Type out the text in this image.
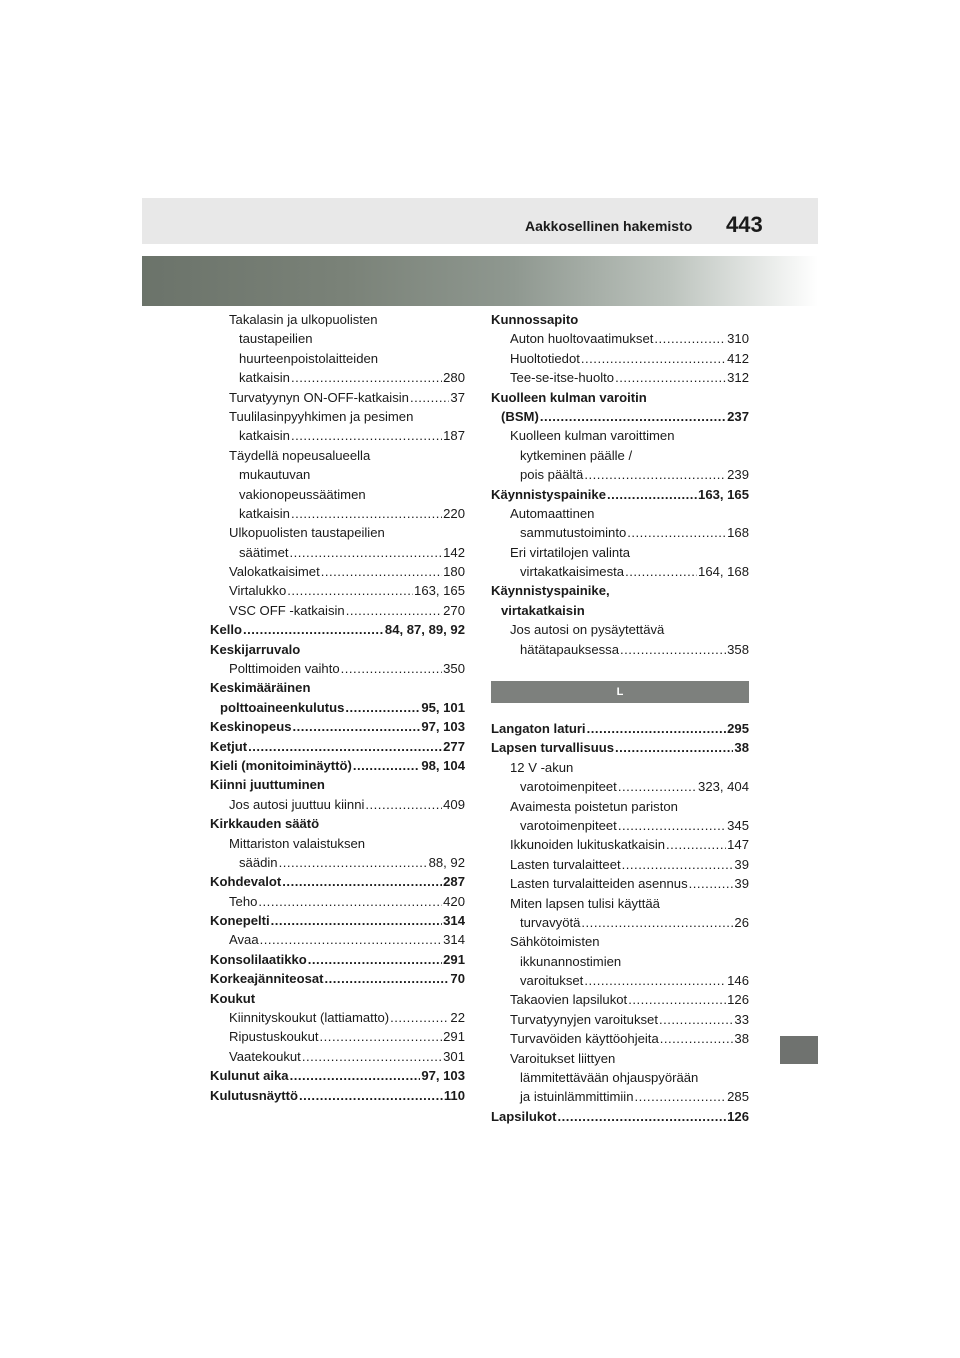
Aakkosellinen hakemisto 443
Takalasin ja ulkopuolisten
taustapeilien
huurteenpoistolaitteiden
katkaisin .....	280
Turvatyynyn ON-OFF-katkaisin .....	37
Tuulilasinpyyhkimen ja pesimen
katkaisin .....	187
Täydellä nopeusalueella
mukautuvan
vakionopeussäätimen
katkaisin .....	220
Ulkopuolisten taustapeilien
säätimet .....	142
Valokatkaisimet .....	180
Virtalukko .....	163, 165
VSC OFF -katkaisin .....	270
Kello .....	84, 87, 89, 92
Keskijarruvalo
Polttimoiden vaihto .....	350
Keskimääräinen
polttoaineenkulutus .....	95, 101
Keskinopeus .....	97, 103
Ketjut .....	277
Kieli (monitoiminäyttö) .....	98, 104
Kiinni juuttuminen
Jos autosi juuttuu kiinni .....	409
Kirkkauden säätö
Mittariston valaistuksen
säädin .....	88, 92
Kohdevalot .....	287
Teho .....	420
Konepelti .....	314
Avaa .....	314
Konsolilaatikko .....	291
Korkeajänniteosat .....	70
Koukut
Kiinnityskoukut (lattiamatto) .....	22
Ripustuskoukut .....	291
Vaatekoukut .....	301
Kulunut aika .....	97, 103
Kulutusnäyttö .....	110
Kunnossapito
Auton huoltovaatimukset .....	310
Huoltotiedot .....	412
Tee-se-itse-huolto .....	312
Kuolleen kulman varoitin
(BSM) .....	237
Kuolleen kulman varoittimen
kytkeminen päälle /
pois päältä .....	239
Käynnistyspainike .....	163, 165
Automaattinen
sammutustoiminto .....	168
Eri virtatilojen valinta
virtakatkaisimesta .....	164, 168
Käynnistyspainike,
virtakatkaisin
Jos autosi on pysäytettävä
hätätapauksessa .....	358
L
Langaton laturi .....	295
Lapsen turvallisuus .....	38
12 V -akun
varotoimenpiteet .....	323, 404
Avaimesta poistetun pariston
varotoimenpiteet .....	345
Ikkunoiden lukituskatkaisin .....	147
Lasten turvalaitteet .....	39
Lasten turvalaitteiden asennus .....	39
Miten lapsen tulisi käyttää
turvavyötä .....	26
Sähkötoimisten
ikkunannostimien
varoitukset .....	146
Takaovien lapsilukot .....	126
Turvatyynyjen varoitukset .....	33
Turvavöiden käyttöohjeita .....	38
Varoitukset liittyen
lämmitettävään ohjauspyörään
ja istuinlämmittimiin .....	285
Lapsilukot .....	126
